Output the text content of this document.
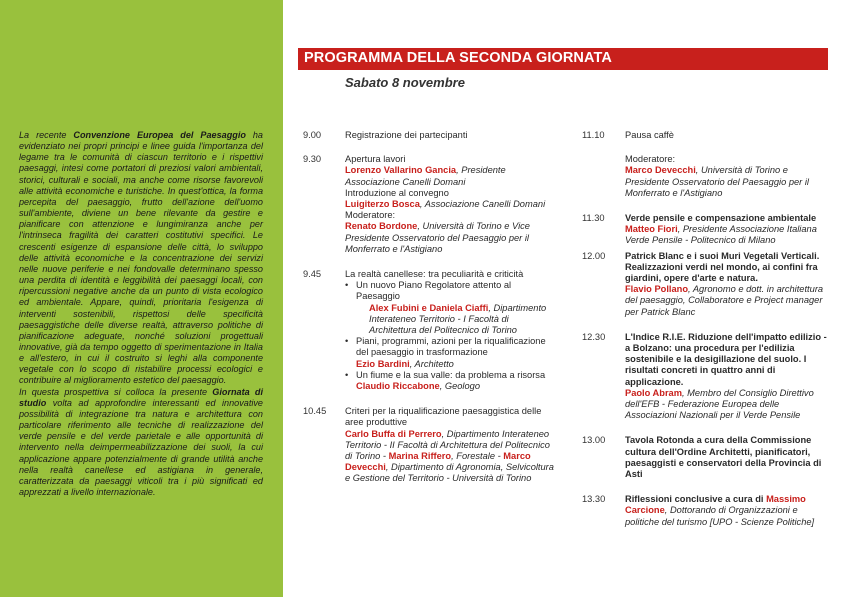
La recente Convenzione Europea del Paesaggio ha evidenziato nei propri principi e linee guida l'importanza del legame tra le comunità di ciascun territorio e i rispettivi paesaggi, intesi come portatori di preziosi valori ambientali, storici, culturali e sociali, ma anche come risorse favorevoli alle attività economiche e turistiche. In quest'ottica, la forma percepita del paesaggio, frutto dell'azione dell'uomo sull'ambiente, diviene un bene rilevante da gestire e pianificare con attenzione e lungimiranza anche per l'intrinseca fragilità dei caratteri costitutivi specifici. Le crescenti esigenze di espansione delle città, lo sviluppo delle attività economiche e la concentrazione dei servizi nelle nuove periferie e nei fondovalle determinano spesso una perdita di identità e leggibilità dei paesaggi locali, con ripercussioni negative anche da un punto di vista ecologico ed ambientale. Appare, quindi, prioritaria l'esigenza di interventi sostenibili, rispettosi delle specificità paesaggistiche delle diverse realtà, attraverso politiche di pianificazione adeguate, nonché soluzioni progettuali innovative, già da tempo oggetto di sperimentazione in Italia e all'estero, in cui il costruito si leghi alla componente vegetale con lo scopo di ristabilire processi ecologici e contribuire al miglioramento estetico del paesaggio.
In questa prospettiva si colloca la presente Giornata di studio volta ad approfondire interessanti ed innovative possibilità di integrazione tra natura e architettura con particolare riferimento alle tecniche di realizzazione del verde pensile e del verde parietale e alle opportunità di intervento nella deimpermeabilizzazione dei suoli, la cui applicazione appare potenzialmente di grande utilità anche nella realtà canellese ed astigiana in generale, caratterizzata da paesaggi viticoli tra i più significati ed apprezzati a livello internazionale.
PROGRAMMA DELLA SECONDA GIORNATA
Sabato 8 novembre
9.00	Registrazione dei partecipanti
9.30	Apertura lavori
Lorenzo Vallarino Gancia, Presidente Associazione Canelli Domani
Introduzione al convegno
Luigiterzo Bosca, Associazione Canelli Domani
Moderatore:
Renato Bordone, Università di Torino e Vice Presidente Osservatorio del Paesaggio per il Monferrato e l'Astigiano
9.45	La realtà canellese: tra peculiarità e criticità
• Un nuovo Piano Regolatore attento al Paesaggio
Alex Fubini e Daniela Ciaffi, Dipartimento Interateneo Territorio - I Facoltà di Architettura del Politecnico di Torino
• Piani, programmi, azioni per la riqualificazione del paesaggio in trasformazione
Ezio Bardini, Architetto
• Un fiume e la sua valle: da problema a risorsa
Claudio Riccabone, Geologo
10.45 Criteri per la riqualificazione paesaggistica delle aree produttive
Carlo Buffa di Perrero, Dipartimento Interateneo Territorio - II Facoltà di Architettura del Politecnico di Torino - Marina Riffero, Forestale - Marco Devecchi, Dipartimento di Agronomia, Selvicoltura e Gestione del Territorio - Università di Torino
11.10 Pausa caffè
Moderatore:
Marco Devecchi, Università di Torino e Presidente Osservatorio del Paesaggio per il Monferrato e l'Astigiano
11.30 Verde pensile e compensazione ambientale
Matteo Fiori, Presidente Associazione Italiana Verde Pensile - Politecnico di Milano
12.00 Patrick Blanc e i suoi Muri Vegetali Verticali. Realizzazioni verdi nel mondo, ai confini fra giardini, opere d'arte e natura.
Flavio Pollano, Agronomo e dott. in architettura del paesaggio, Collaboratore e Project manager per Patrick Blanc
12.30 L'Indice R.I.E. Riduzione dell'impatto edilizio - a Bolzano: una procedura per l'edilizia sostenibile e la desigillazione del suolo. I risultati concreti in quattro anni di applicazione.
Paolo Abram, Membro del Consiglio Direttivo dell'EFB - Federazione Europea delle Associazioni Nazionali per il Verde Pensile
13.00 Tavola Rotonda a cura della Commissione cultura dell'Ordine Architetti, pianificatori, paesaggisti e conservatori della Provincia di Asti
13.30 Riflessioni conclusive a cura di Massimo Carcione, Dottorando di Organizzazioni e politiche del turismo [UPO - Scienze Politiche]
